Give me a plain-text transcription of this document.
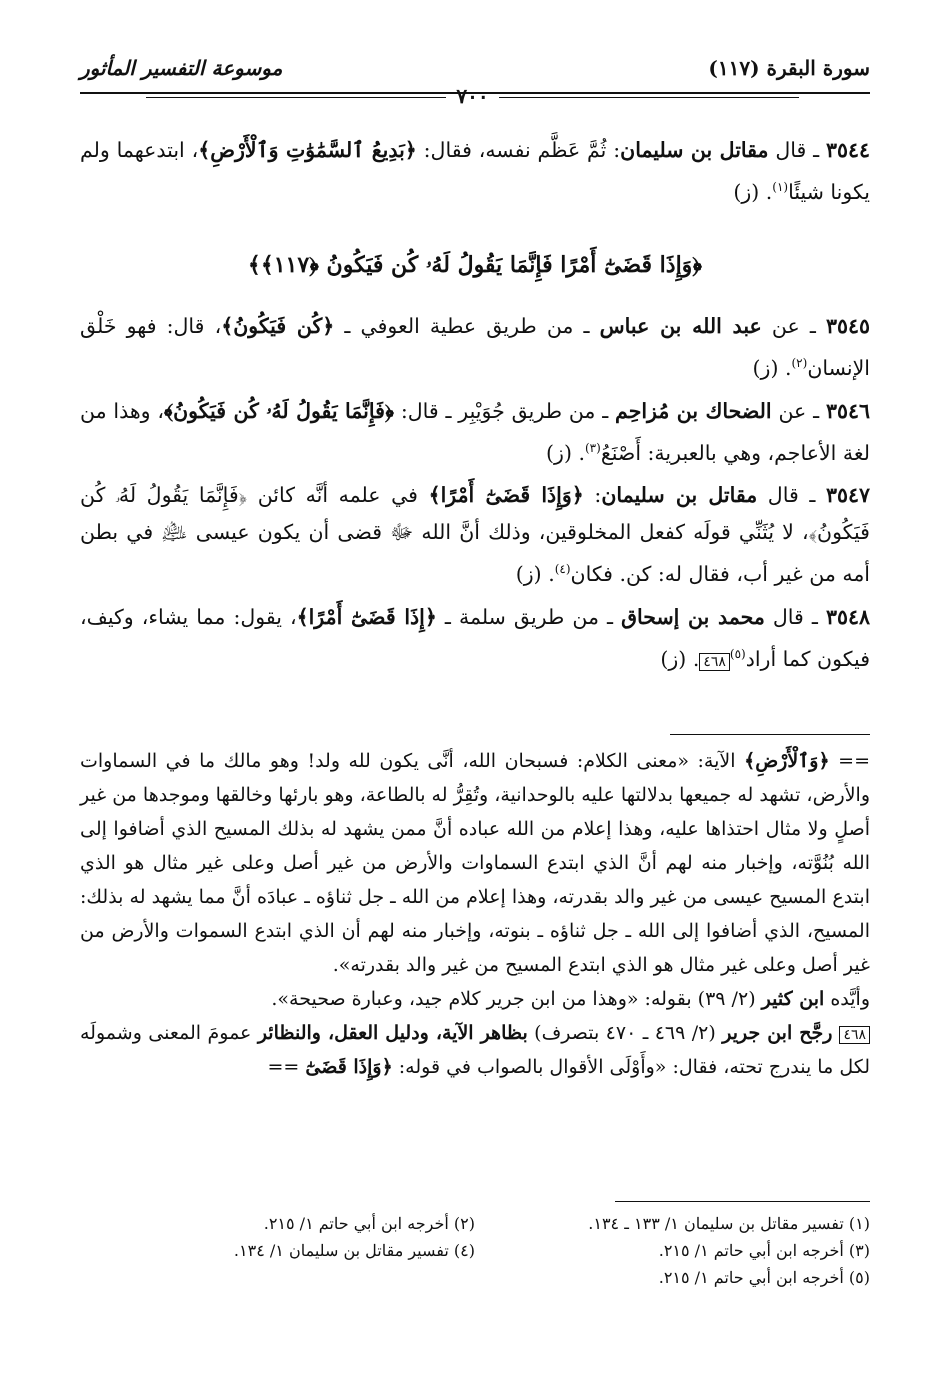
سورة البقرة (١١٧)
موسوعة التفسير المأثور
٧٠٠

٣٥٤٤ ـ قال مقاتل بن سليمان: ثُمَّ عَظَّم نفسه، فقال: ﴿بَدِيعُ ٱلسَّمَٰوَٰتِ وَٱلْأَرْضِ﴾، ابتدعهما ولم يكونا شيئًا$^{(١)}$. (ز)

﴿وَإِذَا قَضَىٰٓ أَمْرًا فَإِنَّمَا يَقُولُ لَهُۥ كُن فَيَكُونُ ﴿١١٧﴾﴾

٣٥٤٥ ـ عن عبد الله بن عباس ـ من طريق عطية العوفي ـ ﴿كُن فَيَكُونُ﴾، قال: فهو خَلْق الإنسان$^{(٢)}$. (ز)

٣٥٤٦ ـ عن الضحاك بن مُزاحِم ـ من طريق جُوَيْبِر ـ قال: ﴿فَإِنَّمَا يَقُولُ لَهُۥ كُن فَيَكُونُ﴾، وهذا من لغة الأعاجم، وهي بالعبرية: أَصْنَعُ$^{(٣)}$. (ز)

٣٥٤٧ ـ قال مقاتل بن سليمان: ﴿وَإِذَا قَضَىٰٓ أَمْرًا﴾ في علمه أنَّه كائن ﴿فَإِنَّمَا يَقُولُ لَهُۥ كُن فَيَكُونُ﴾، لا يُثَنِّي قولَه كفعل المخلوقين، وذلك أنَّ الله ﷻ قضى أن يكون عيسى ﵇ في بطن أمه من غير أب، فقال له: كن. فكان$^{(٤)}$. (ز)

٣٥٤٨ ـ قال محمد بن إسحاق ـ من طريق سلمة ـ ﴿إِذَا قَضَىٰٓ أَمْرًا﴾، يقول: مما يشاء، وكيف، فيكون كما أراد$^{(٥)}$٤٦٨. (ز)

== ﴿وَٱلْأَرْضِ﴾ الآية: «معنى الكلام: فسبحان الله، أنَّى يكون لله ولد! وهو مالك ما في السماوات والأرض، تشهد له جميعها بدلالتها عليه بالوحدانية، وتُقِرُّ له بالطاعة، وهو بارئها وخالقها وموجدها من غير أصلٍ ولا مثال احتذاها عليه، وهذا إعلام من الله عباده أنَّ ممن يشهد له بذلك المسيح الذي أضافوا إلى الله بُنُوَّته، وإخبار منه لهم أنَّ الذي ابتدع السماوات والأرض من غير أصل وعلى غير مثال هو الذي ابتدع المسيح عيسى من غير والد بقدرته، وهذا إعلام من الله ـ جل ثناؤه ـ عبادَه أنَّ مما يشهد له بذلك: المسيح، الذي أضافوا إلى الله ـ جل ثناؤه ـ بنوته، وإخبار منه لهم أن الذي ابتدع السموات والأرض من غير أصل وعلى غير مثال هو الذي ابتدع المسيح من غير والد بقدرته».

وأيَّده ابن كثير (٢/ ٣٩) بقوله: «وهذا من ابن جرير كلام جيد، وعبارة صحيحة».

٤٦٨ رجَّح ابن جرير (٢/ ٤٦٩ ـ ٤٧٠ بتصرف) بظاهر الآية، ودليل العقل، والنظائر عمومَ المعنى وشمولَه لكل ما يندرج تحته، فقال: «وأَوْلَى الأقوال بالصواب في قوله: ﴿وَإِذَا قَضَىٰٓ ==

(١) تفسير مقاتل بن سليمان ١/ ١٣٣ ـ ١٣٤.
(٢) أخرجه ابن أبي حاتم ١/ ٢١٥.
(٣) أخرجه ابن أبي حاتم ١/ ٢١٥.
(٤) تفسير مقاتل بن سليمان ١/ ١٣٤.
(٥) أخرجه ابن أبي حاتم ١/ ٢١٥.
